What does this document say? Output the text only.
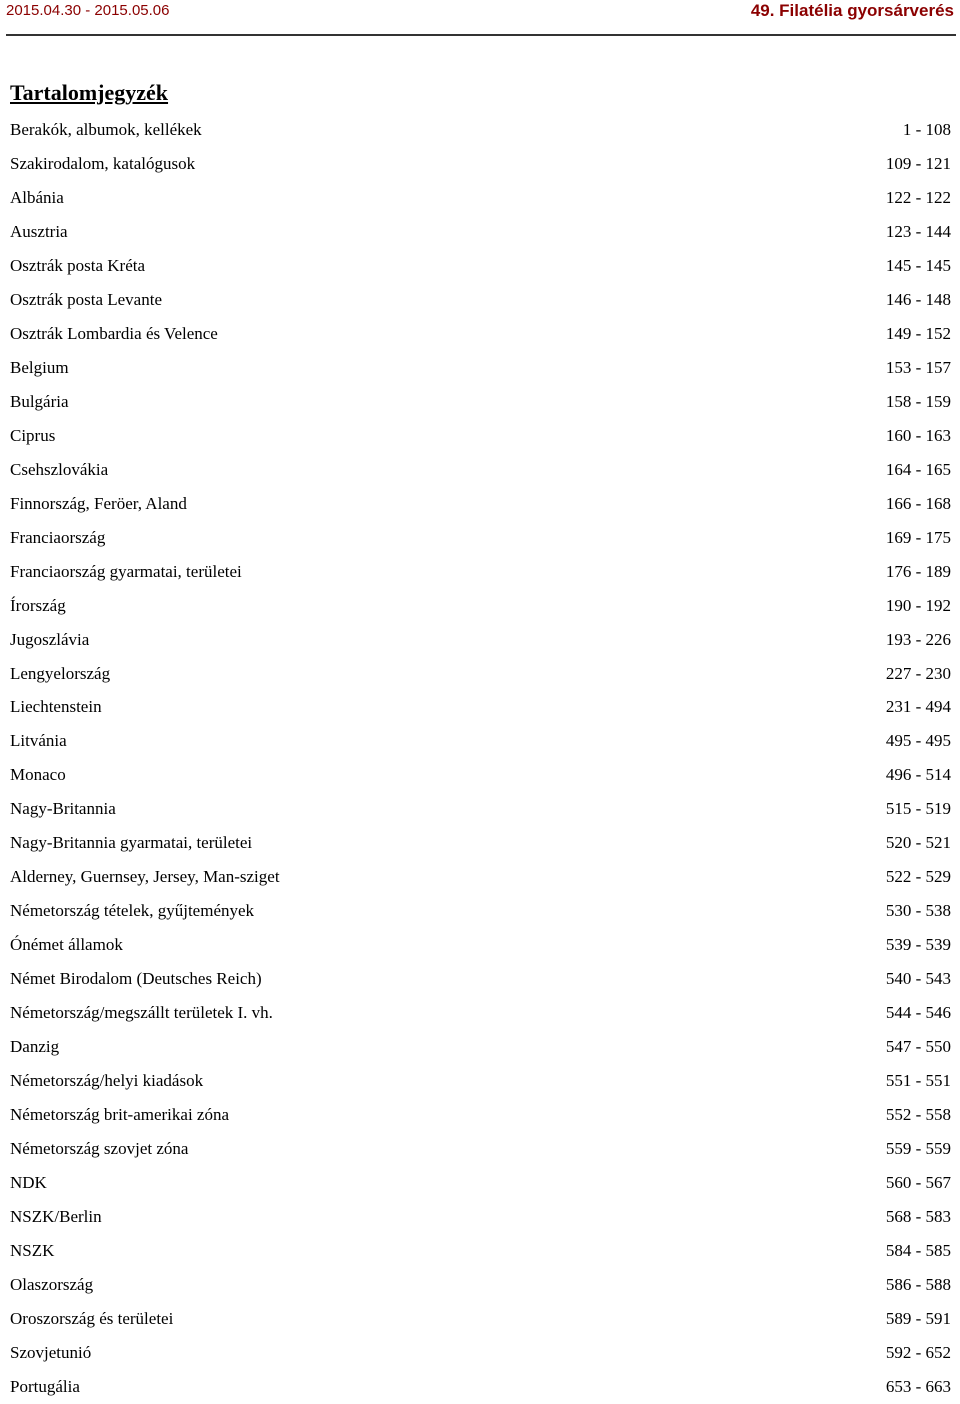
2015.04.30 - 2015.05.06	49. Filatélia gyorsárverés
Tartalomjegyzék
Berakók, albumok, kellékek	1 - 108
Szakirodalom, katalógusok	109 - 121
Albánia	122 - 122
Ausztria	123 - 144
Osztrák posta Kréta	145 - 145
Osztrák posta Levante	146 - 148
Osztrák Lombardia és Velence	149 - 152
Belgium	153 - 157
Bulgária	158 - 159
Ciprus	160 - 163
Csehszlovákia	164 - 165
Finnország, Feröer, Aland	166 - 168
Franciaország	169 - 175
Franciaország gyarmatai, területei	176 - 189
Írország	190 - 192
Jugoszlávia	193 - 226
Lengyelország	227 - 230
Liechtenstein	231 - 494
Litvánia	495 - 495
Monaco	496 - 514
Nagy-Britannia	515 - 519
Nagy-Britannia gyarmatai, területei	520 - 521
Alderney, Guernsey, Jersey, Man-sziget	522 - 529
Németország tételek, gyűjtemények	530 - 538
Ónémet államok	539 - 539
Német Birodalom (Deutsches Reich)	540 - 543
Németország/megszállt területek I. vh.	544 - 546
Danzig	547 - 550
Németország/helyi kiadások	551 - 551
Németország brit-amerikai zóna	552 - 558
Németország szovjet zóna	559 - 559
NDK	560 - 567
NSZK/Berlin	568 - 583
NSZK	584 - 585
Olaszország	586 - 588
Oroszország és területei	589 - 591
Szovjetunió	592 - 652
Portugália	653 - 663
